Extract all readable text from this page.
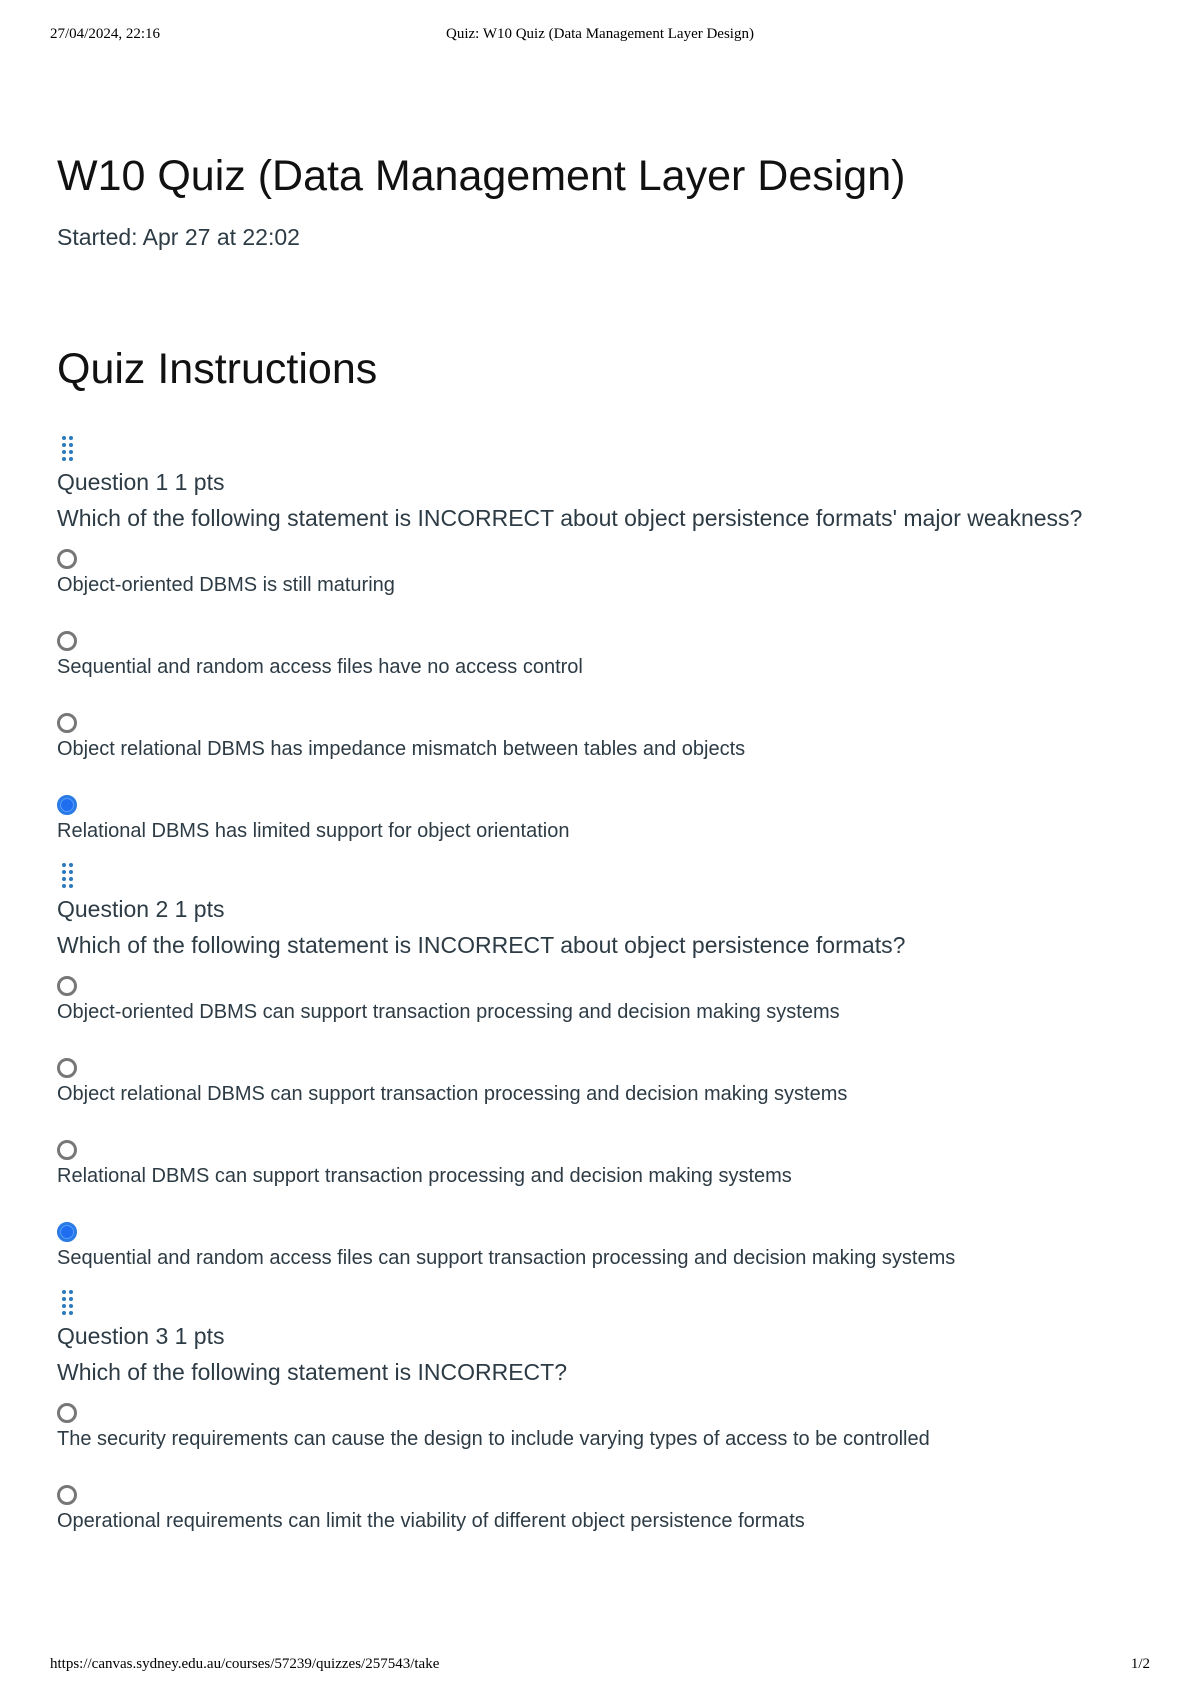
27/04/2024, 22:16	Quiz: W10 Quiz (Data Management Layer Design)
W10 Quiz (Data Management Layer Design)
Started: Apr 27 at 22:02
Quiz Instructions
Question 1 1 pts
Which of the following statement is INCORRECT about object persistence formats' major weakness?
Object-oriented DBMS is still maturing
Sequential and random access files have no access control
Object relational DBMS has impedance mismatch between tables and objects
Relational DBMS has limited support for object orientation
Question 2 1 pts
Which of the following statement is INCORRECT about object persistence formats?
Object-oriented DBMS can support transaction processing and decision making systems
Object relational DBMS can support transaction processing and decision making systems
Relational DBMS can support transaction processing and decision making systems
Sequential and random access files can support transaction processing and decision making systems
Question 3 1 pts
Which of the following statement is INCORRECT?
The security requirements can cause the design to include varying types of access to be controlled
Operational requirements can limit the viability of different object persistence formats
https://canvas.sydney.edu.au/courses/57239/quizzes/257543/take	1/2
